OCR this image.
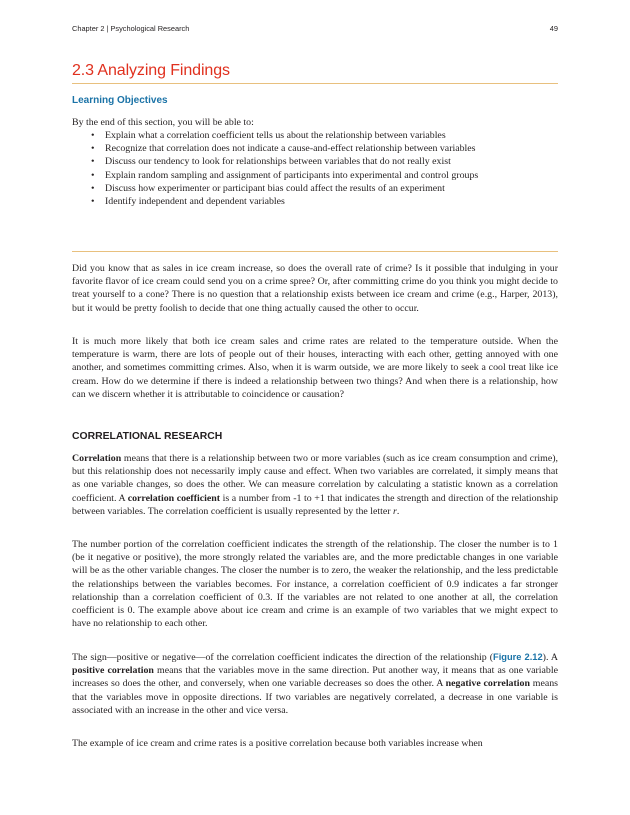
Chapter 2 | Psychological Research	49
2.3 Analyzing Findings
Learning Objectives
By the end of this section, you will be able to:
• Explain what a correlation coefficient tells us about the relationship between variables
• Recognize that correlation does not indicate a cause-and-effect relationship between variables
• Discuss our tendency to look for relationships between variables that do not really exist
• Explain random sampling and assignment of participants into experimental and control groups
• Discuss how experimenter or participant bias could affect the results of an experiment
• Identify independent and dependent variables

Did you know that as sales in ice cream increase, so does the overall rate of crime? Is it possible that indulging in your favorite flavor of ice cream could send you on a crime spree? Or, after committing crime do you think you might decide to treat yourself to a cone? There is no question that a relationship exists between ice cream and crime (e.g., Harper, 2013), but it would be pretty foolish to decide that one thing actually caused the other to occur.

It is much more likely that both ice cream sales and crime rates are related to the temperature outside. When the temperature is warm, there are lots of people out of their houses, interacting with each other, getting annoyed with one another, and sometimes committing crimes. Also, when it is warm outside, we are more likely to seek a cool treat like ice cream. How do we determine if there is indeed a relationship between two things? And when there is a relationship, how can we discern whether it is attributable to coincidence or causation?

CORRELATIONAL RESEARCH

Correlation means that there is a relationship between two or more variables (such as ice cream consumption and crime), but this relationship does not necessarily imply cause and effect. When two variables are correlated, it simply means that as one variable changes, so does the other. We can measure correlation by calculating a statistic known as a correlation coefficient. A correlation coefficient is a number from -1 to +1 that indicates the strength and direction of the relationship between variables. The correlation coefficient is usually represented by the letter r.

The number portion of the correlation coefficient indicates the strength of the relationship. The closer the number is to 1 (be it negative or positive), the more strongly related the variables are, and the more predictable changes in one variable will be as the other variable changes. The closer the number is to zero, the weaker the relationship, and the less predictable the relationships between the variables becomes. For instance, a correlation coefficient of 0.9 indicates a far stronger relationship than a correlation coefficient of 0.3. If the variables are not related to one another at all, the correlation coefficient is 0. The example above about ice cream and crime is an example of two variables that we might expect to have no relationship to each other.

The sign—positive or negative—of the correlation coefficient indicates the direction of the relationship (Figure 2.12). A positive correlation means that the variables move in the same direction. Put another way, it means that as one variable increases so does the other, and conversely, when one variable decreases so does the other. A negative correlation means that the variables move in opposite directions. If two variables are negatively correlated, a decrease in one variable is associated with an increase in the other and vice versa.

The example of ice cream and crime rates is a positive correlation because both variables increase when
